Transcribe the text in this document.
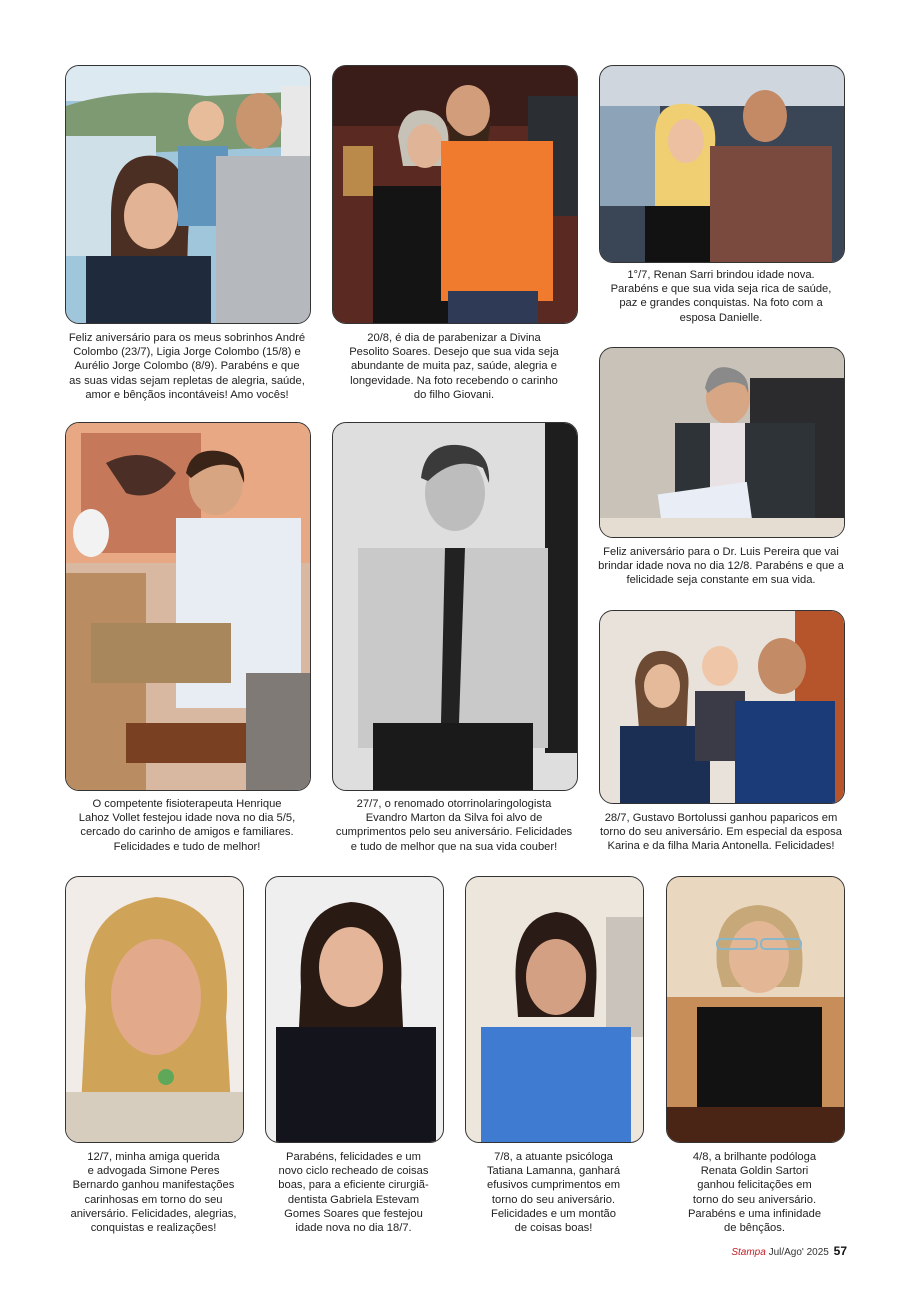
Feliz aniversário para os meus sobrinhos André
Colombo (23/7), Ligia Jorge Colombo (15/8) e
Aurélio Jorge Colombo (8/9). Parabéns e que
as suas vidas sejam repletas de alegria, saúde,
amor e bênçãos incontáveis! Amo vocês!
20/8, é dia de parabenizar a Divina
Pesolito Soares. Desejo que sua vida seja
abundante de muita paz, saúde, alegria e
longevidade. Na foto recebendo o carinho
do filho Giovani.
1°/7, Renan Sarri brindou idade nova.
Parabéns e que sua vida seja rica de saúde,
paz e grandes conquistas. Na foto com a
esposa Danielle.
Feliz aniversário para o Dr. Luis Pereira que vai
brindar idade nova no dia 12/8. Parabéns e que a
felicidade seja constante em sua vida.
O competente fisioterapeuta Henrique
Lahoz Vollet festejou idade nova no dia 5/5,
cercado do carinho de amigos e familiares.
Felicidades e tudo de melhor!
27/7, o renomado otorrinolaringologista
Evandro Marton da Silva foi alvo de
cumprimentos pelo seu aniversário. Felicidades
e tudo de melhor que na sua vida couber!
28/7, Gustavo Bortolussi ganhou paparicos em
torno do seu aniversário. Em especial da esposa
Karina e da filha Maria Antonella. Felicidades!
12/7, minha amiga querida
e advogada Simone Peres
Bernardo ganhou manifestações
carinhosas em torno do seu
aniversário. Felicidades, alegrias,
conquistas e realizações!
Parabéns, felicidades e um
novo ciclo recheado de coisas
boas, para a eficiente cirurgiã-
dentista Gabriela Estevam
Gomes Soares que festejou
idade nova no dia 18/7.
7/8, a atuante psicóloga
Tatiana Lamanna, ganhará
efusivos cumprimentos em
torno do seu aniversário.
Felicidades e um montão
de coisas boas!
4/8, a brilhante podóloga
Renata Goldin Sartori
ganhou felicitações em
torno do seu aniversário.
Parabéns e uma infinidade
de bênçãos.
Stampa Jul/Ago' 2025 57
